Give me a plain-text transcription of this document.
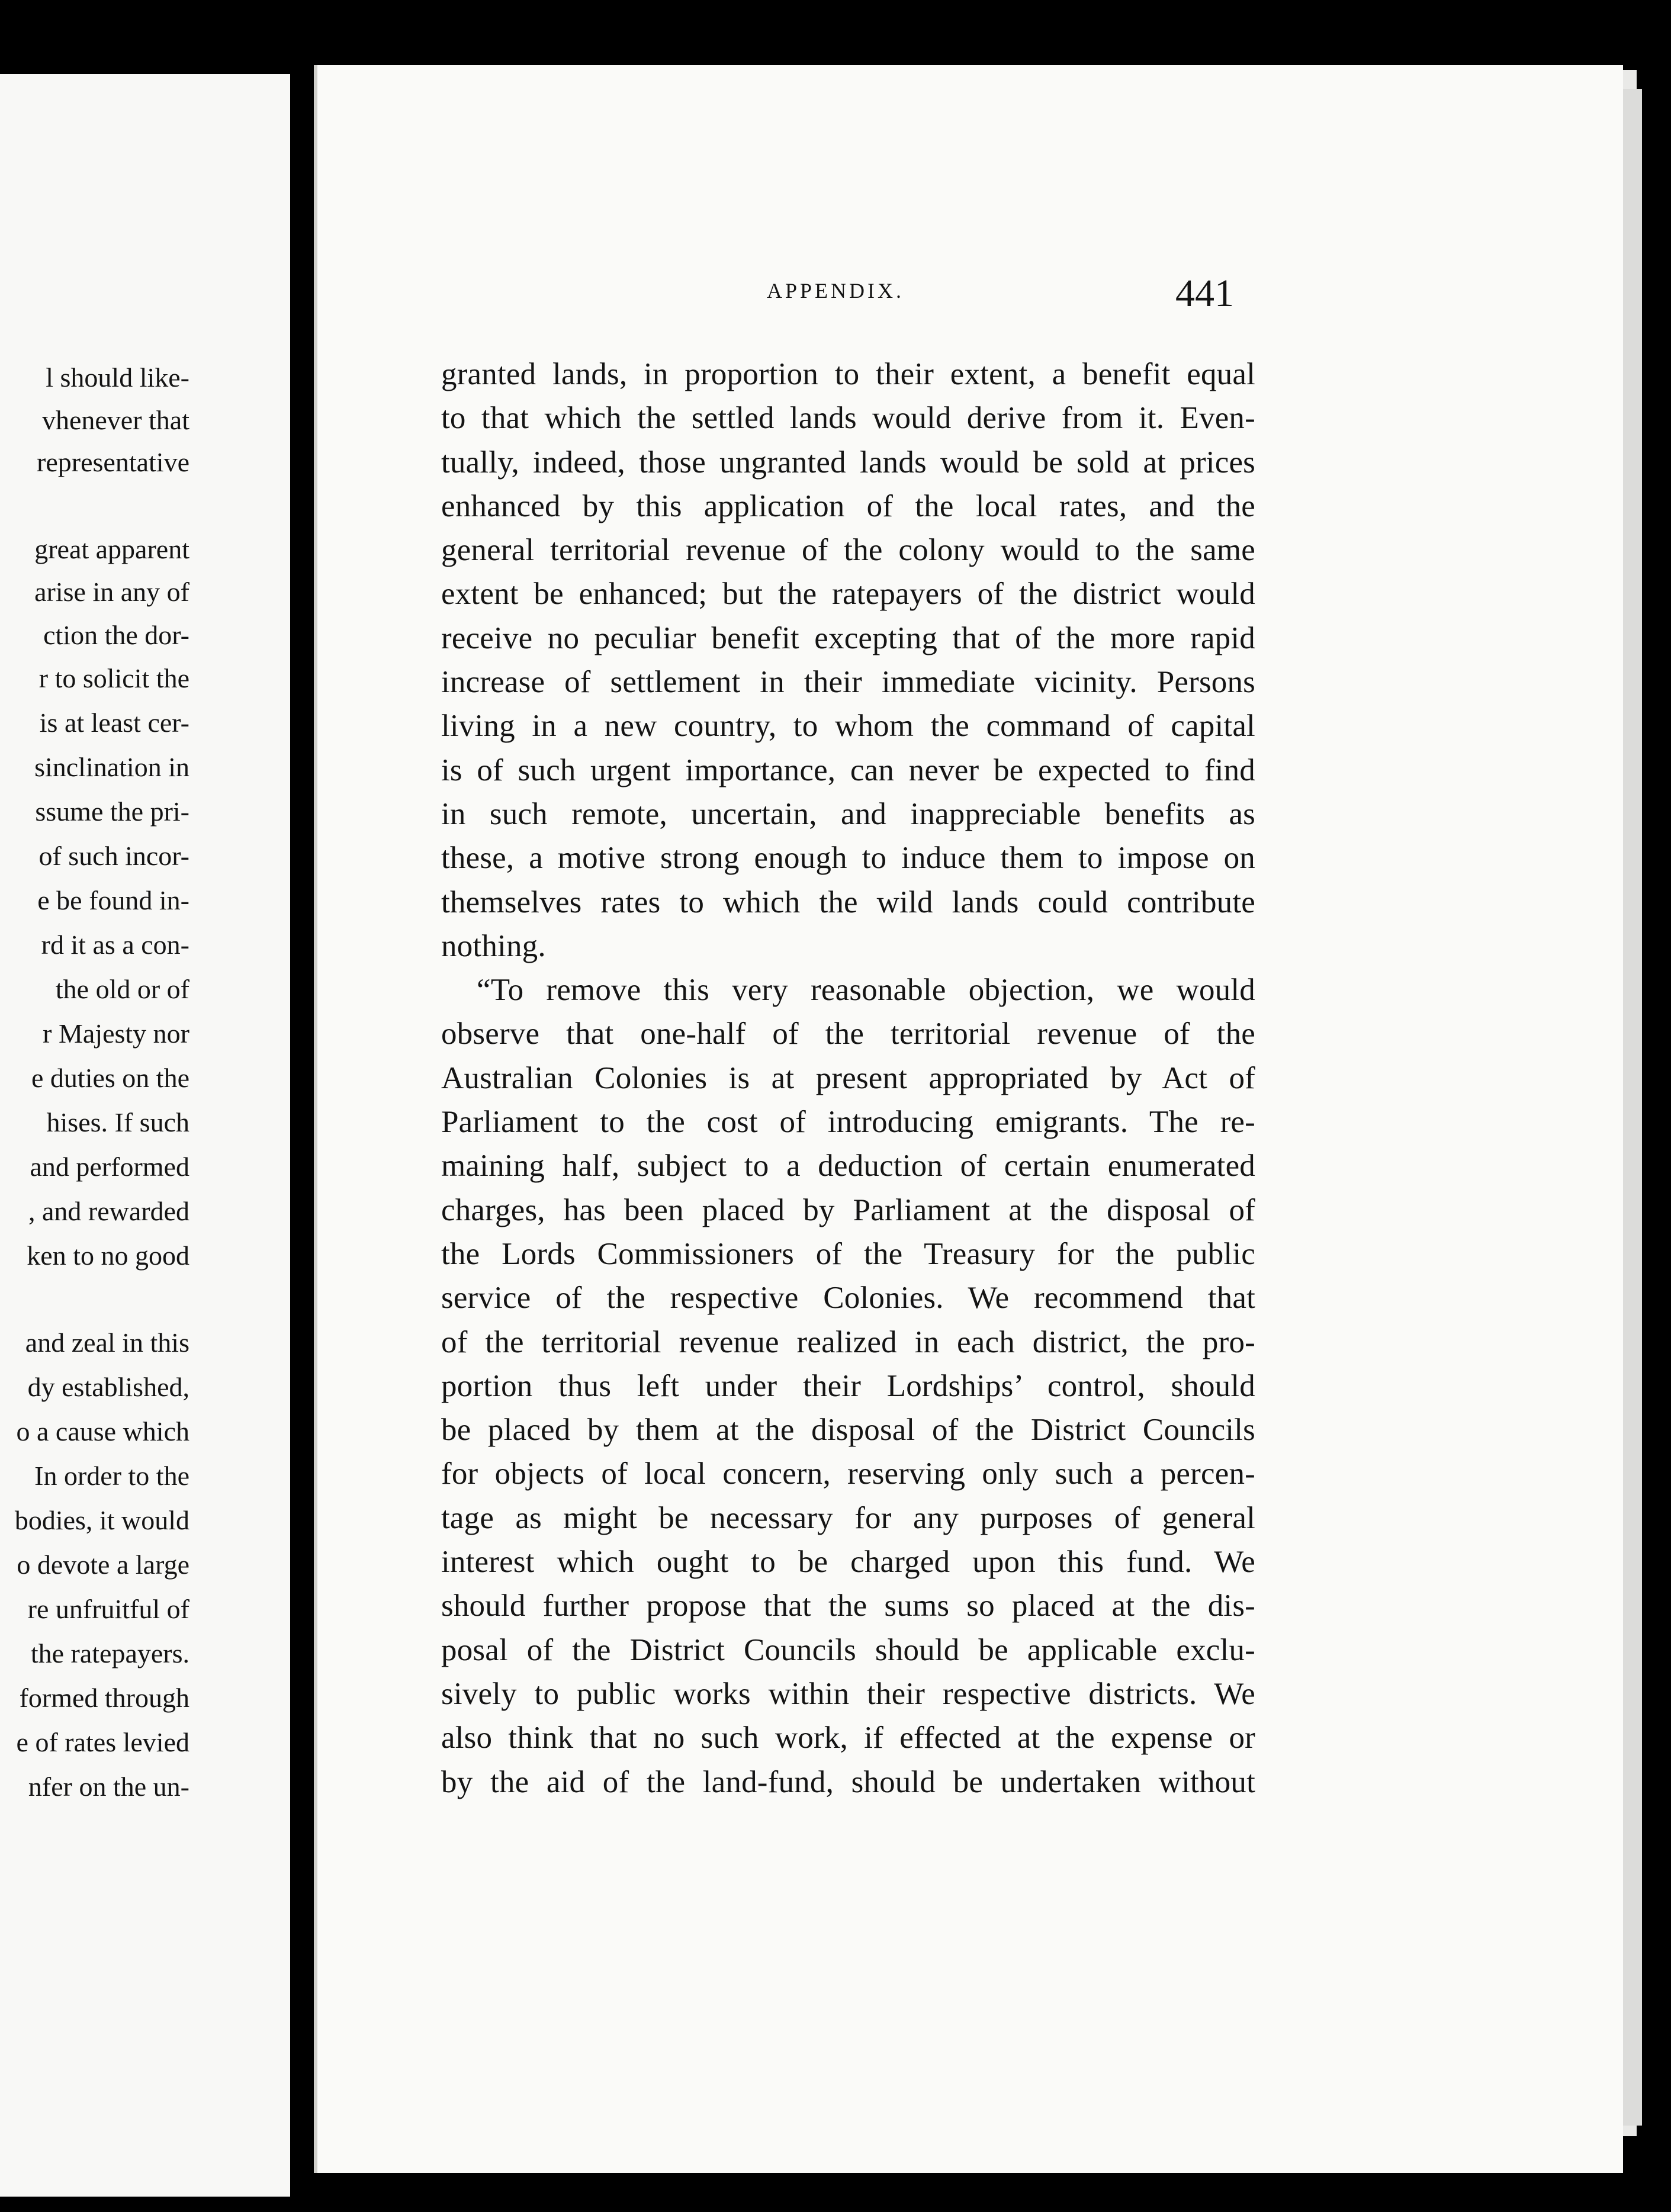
l should like-
vhenever that
representative
great apparent
arise in any of
ction the dor-
r to solicit the
is at least cer-
sinclination in
ssume the pri-
of such incor-
e be found in-
rd it as a con-
the old or of
r Majesty nor
e duties on the
hises. If such
and performed
, and rewarded
ken to no good
and zeal in this
dy established,
o a cause which
In order to the
bodies, it would
o devote a large
re unfruitful of
the ratepayers.
formed through
e of rates levied
nfer on the un-
APPENDIX.	441
granted lands, in proportion to their extent, a benefit equal
to that which the settled lands would derive from it. Even-
tually, indeed, those ungranted lands would be sold at prices
enhanced by this application of the local rates, and the
general territorial revenue of the colony would to the same
extent be enhanced; but the ratepayers of the district would
receive no peculiar benefit excepting that of the more rapid
increase of settlement in their immediate vicinity. Persons
living in a new country, to whom the command of capital
is of such urgent importance, can never be expected to find
in such remote, uncertain, and inappreciable benefits as
these, a motive strong enough to induce them to impose on
themselves rates to which the wild lands could contribute
nothing.
“To remove this very reasonable objection, we would
observe that one-half of the territorial revenue of the
Australian Colonies is at present appropriated by Act of
Parliament to the cost of introducing emigrants. The re-
maining half, subject to a deduction of certain enumerated
charges, has been placed by Parliament at the disposal of
the Lords Commissioners of the Treasury for the public
service of the respective Colonies. We recommend that
of the territorial revenue realized in each district, the pro-
portion thus left under their Lordships’ control, should
be placed by them at the disposal of the District Councils
for objects of local concern, reserving only such a percen-
tage as might be necessary for any purposes of general
interest which ought to be charged upon this fund. We
should further propose that the sums so placed at the dis-
posal of the District Councils should be applicable exclu-
sively to public works within their respective districts. We
also think that no such work, if effected at the expense or
by the aid of the land-fund, should be undertaken without
